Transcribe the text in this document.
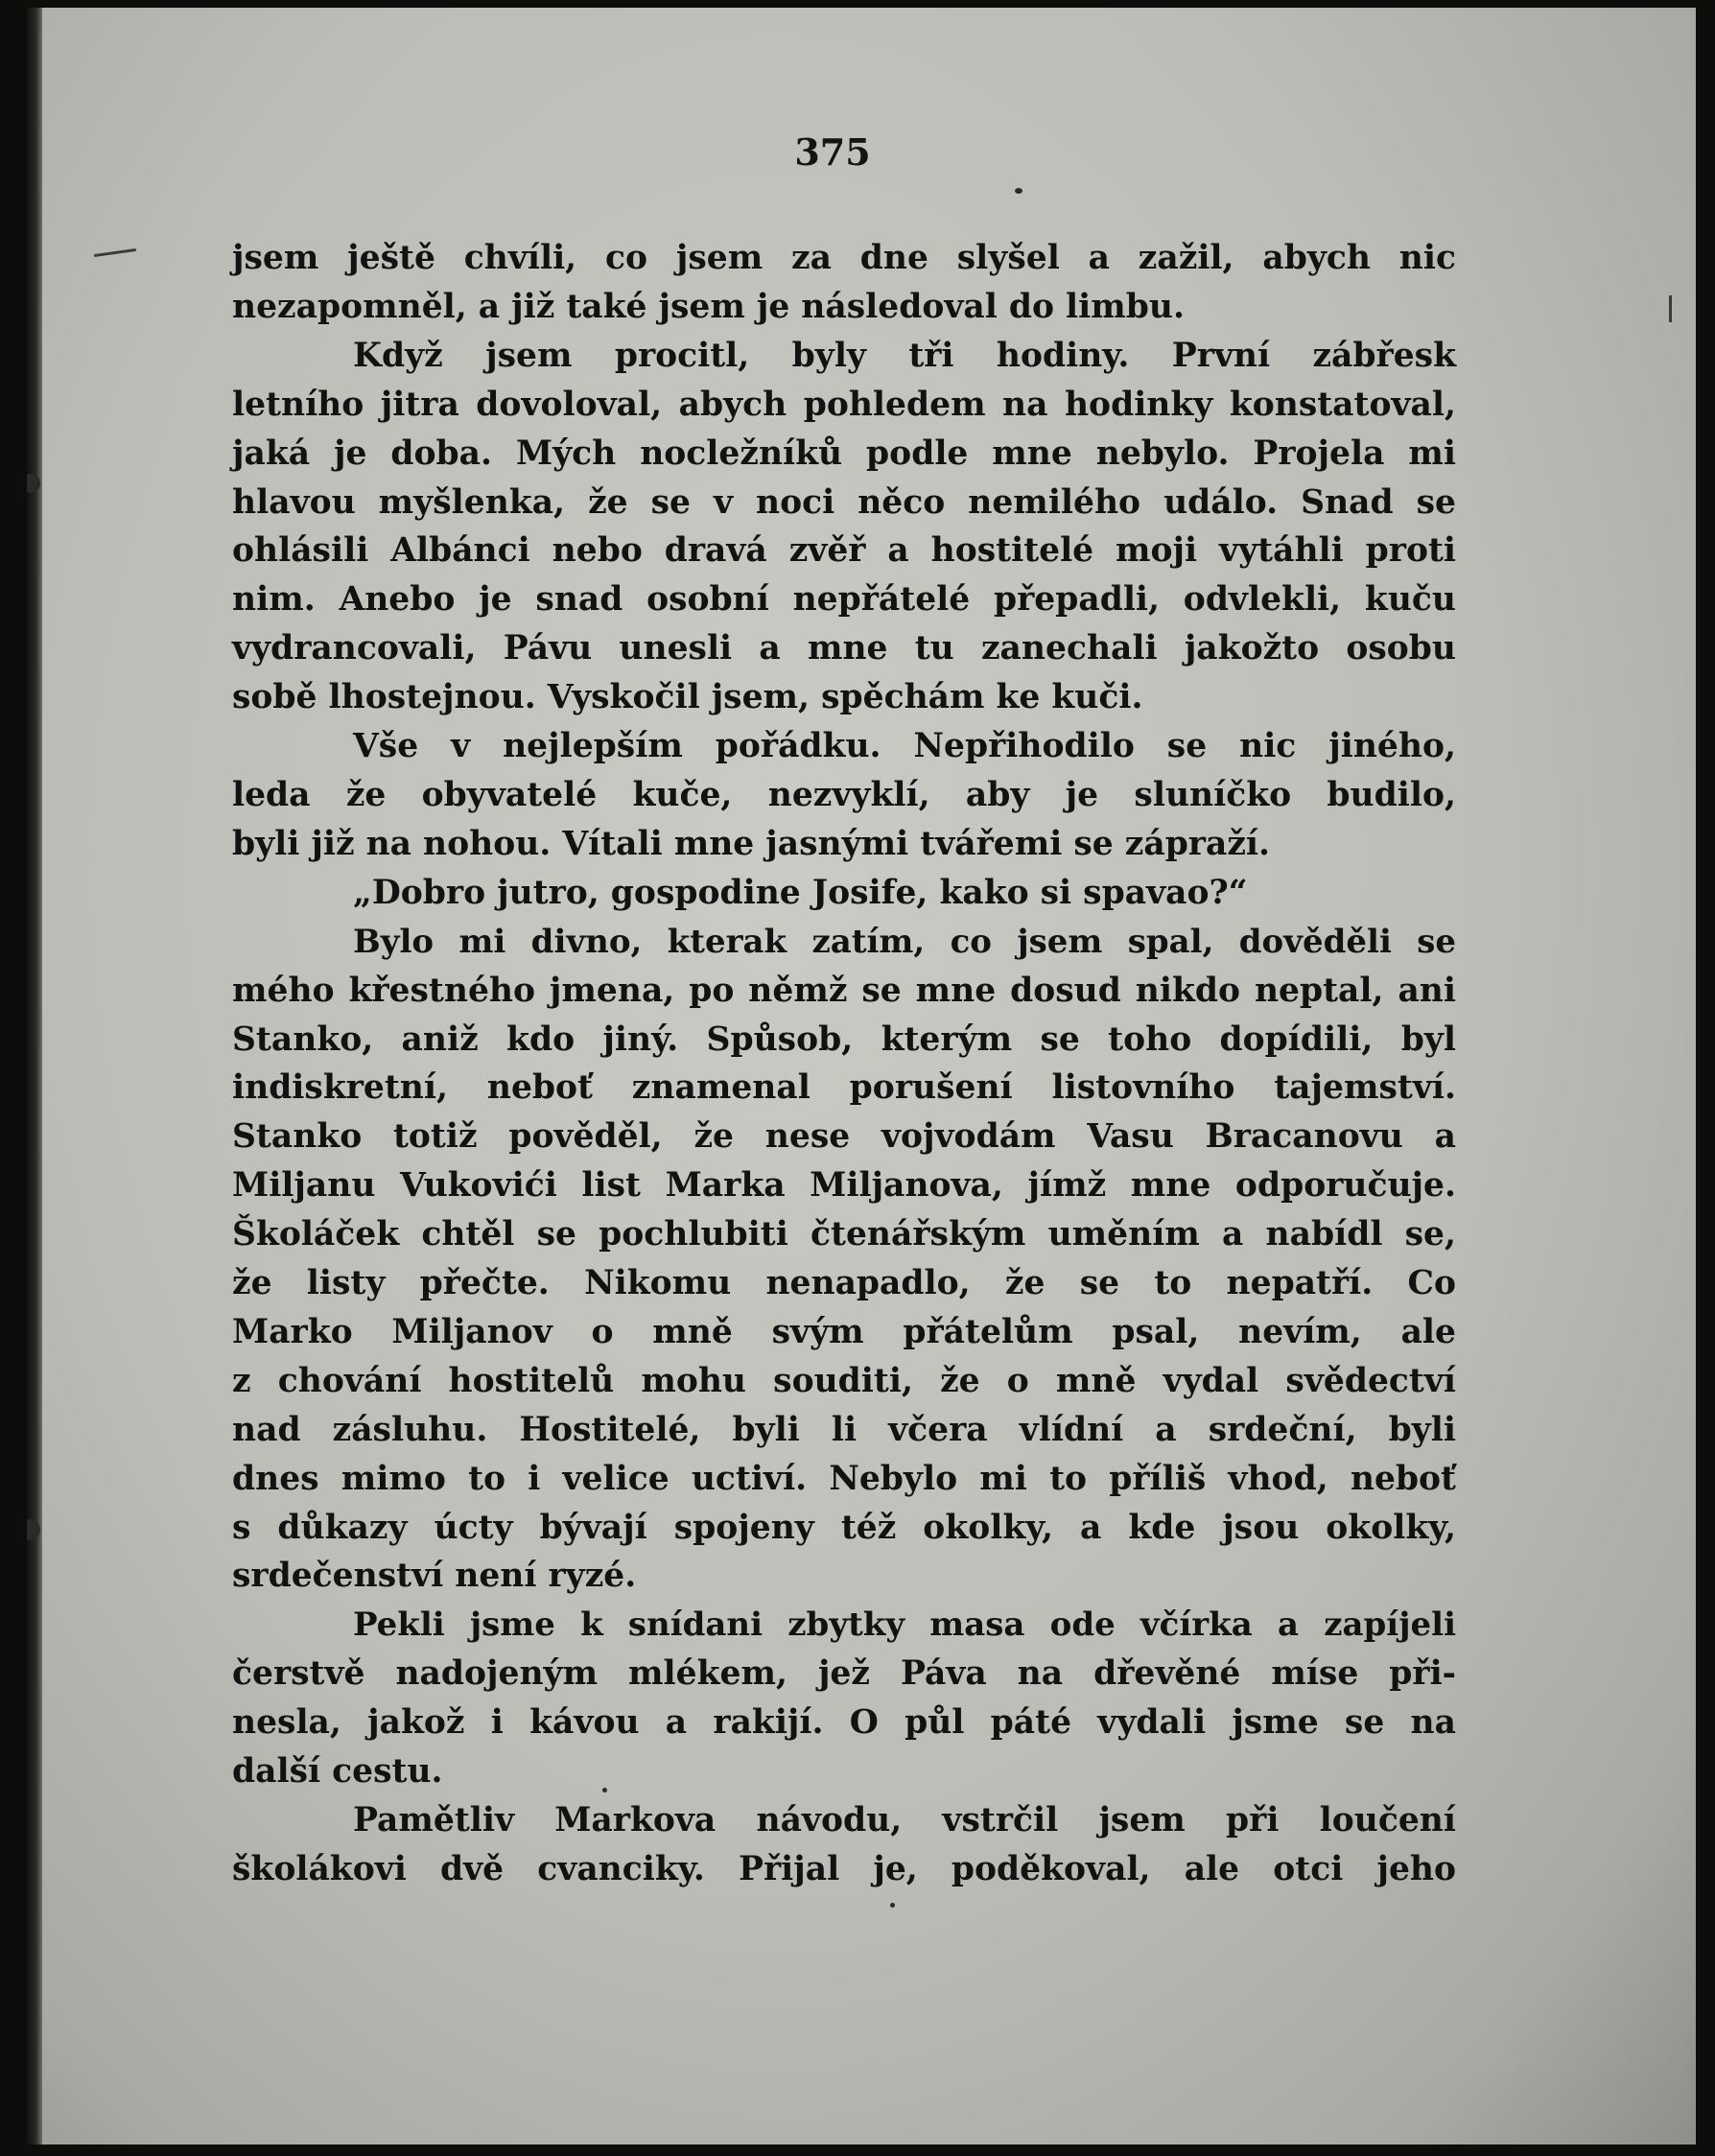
375
jsem ještě chvíli, co jsem za dne slyšel a zažil, abych nic
nezapomněl, a již také jsem je následoval do limbu.
Když jsem procitl, byly tři hodiny. První zábřesk
letního jitra dovoloval, abych pohledem na hodinky konstatoval,
jaká je doba. Mých nocležníků podle mne nebylo. Projela mi
hlavou myšlenka, že se v noci něco nemilého událo. Snad se
ohlásili Albánci nebo dravá zvěř a hostitelé moji vytáhli proti
nim. Anebo je snad osobní nepřátelé přepadli, odvlekli, kuču
vydrancovali, Pávu unesli a mne tu zanechali jakožto osobu
sobě lhostejnou. Vyskočil jsem, spěchám ke kuči.
Vše v nejlepším pořádku. Nepřihodilo se nic jiného,
leda že obyvatelé kuče, nezvyklí, aby je sluníčko budilo,
byli již na nohou. Vítali mne jasnými tvářemi se zápraží.
„Dobro jutro, gospodine Josife, kako si spavao?“
Bylo mi divno, kterak zatím, co jsem spal, dověděli se
mého křestného jmena, po němž se mne dosud nikdo neptal, ani
Stanko, aniž kdo jiný. Spůsob, kterým se toho dopídili, byl
indiskretní, neboť znamenal porušení listovního tajemství.
Stanko totiž pověděl, že nese vojvodám Vasu Bracanovu a
Miljanu Vukovići list Marka Miljanova, jímž mne odporučuje.
Školáček chtěl se pochlubiti čtenářským uměním a nabídl se,
že listy přečte. Nikomu nenapadlo, že se to nepatří. Co
Marko Miljanov o mně svým přátelům psal, nevím, ale
z chování hostitelů mohu souditi, že o mně vydal svědectví
nad zásluhu. Hostitelé, byli li včera vlídní a srdeční, byli
dnes mimo to i velice uctiví. Nebylo mi to příliš vhod, neboť
s důkazy úcty bývají spojeny též okolky, a kde jsou okolky,
srdečenství není ryzé.
Pekli jsme k snídani zbytky masa ode včírka a zapíjeli
čerstvě nadojeným mlékem, jež Páva na dřevěné míse při-
nesla, jakož i kávou a rakijí. O půl páté vydali jsme se na
další cestu.
Pamětliv Markova návodu, vstrčil jsem při loučení
školákovi dvě cvanciky. Přijal je, poděkoval, ale otci jeho
